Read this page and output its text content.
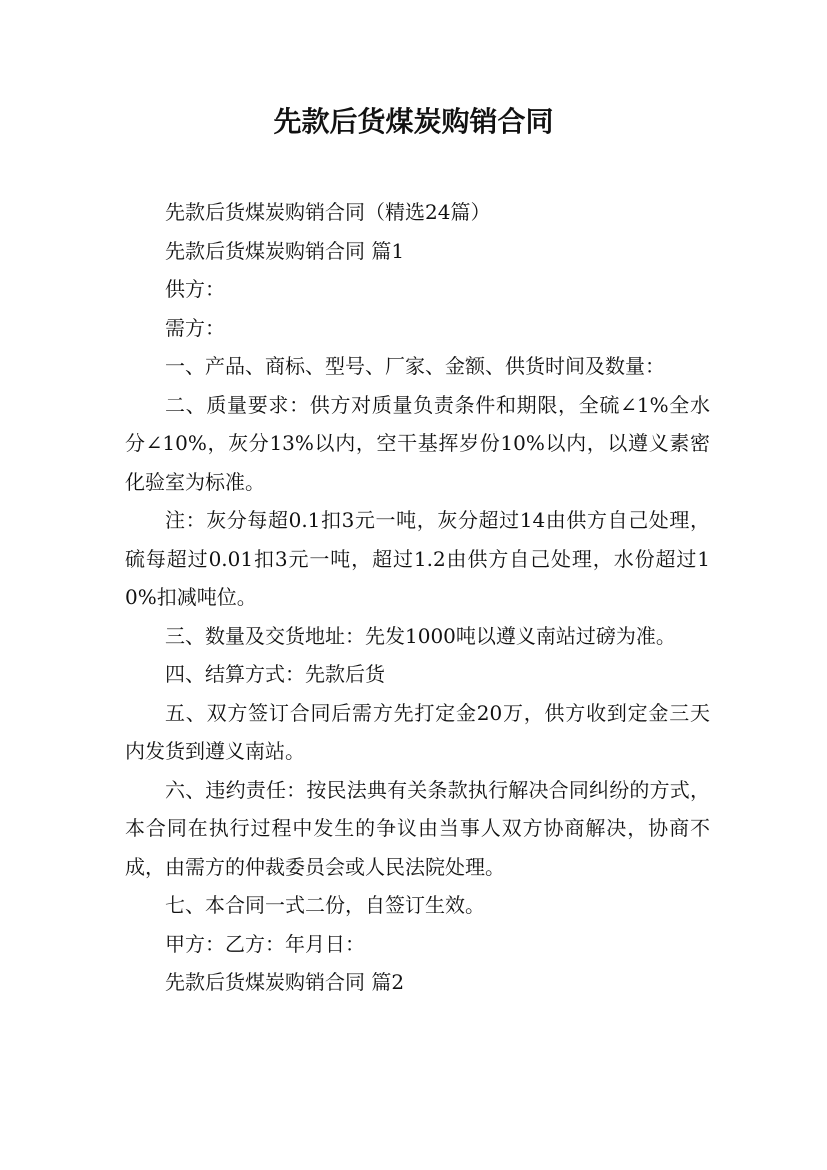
先款后货煤炭购销合同

先款后货煤炭购销合同（精选24篇）

先款后货煤炭购销合同 篇1

供方：

需方：

一、产品、商标、型号、厂家、金额、供货时间及数量：

二、质量要求：供方对质量负责条件和期限，全硫∠1%全水分∠10%，灰分13%以内，空干基挥岁份10%以内，以遵义素密化验室为标准。

注：灰分每超0.1扣3元一吨，灰分超过14由供方自己处理，硫每超过0.01扣3元一吨，超过1.2由供方自己处理，水份超过10%扣减吨位。

三、数量及交货地址：先发1000吨以遵义南站过磅为准。

四、结算方式：先款后货

五、双方签订合同后需方先打定金20万，供方收到定金三天内发货到遵义南站。

六、违约责任：按民法典有关条款执行解决合同纠纷的方式，本合同在执行过程中发生的争议由当事人双方协商解决，协商不成，由需方的仲裁委员会或人民法院处理。

七、本合同一式二份，自签订生效。

甲方：乙方：年月日：

先款后货煤炭购销合同 篇2
